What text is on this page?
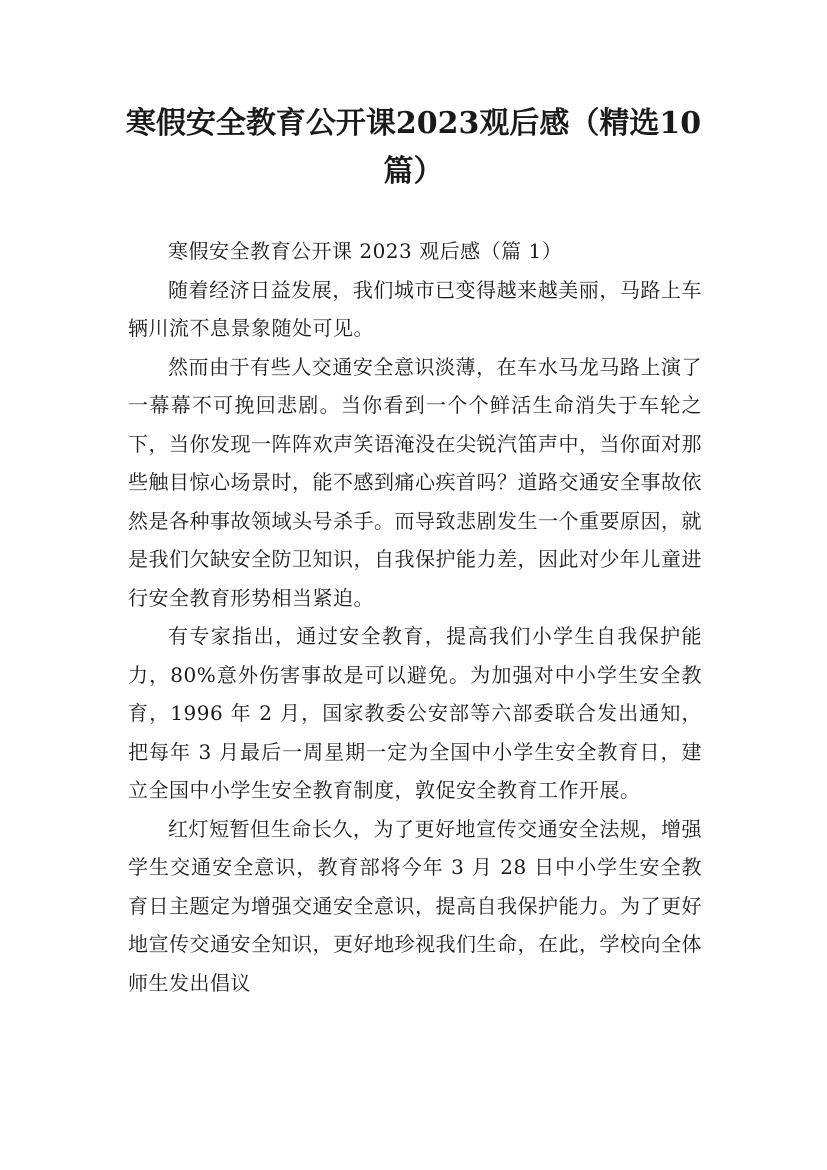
寒假安全教育公开课2023观后感（精选10篇）

寒假安全教育公开课 2023 观后感（篇 1）

随着经济日益发展，我们城市已变得越来越美丽，马路上车辆川流不息景象随处可见。

然而由于有些人交通安全意识淡薄，在车水马龙马路上演了一幕幕不可挽回悲剧。当你看到一个个鲜活生命消失于车轮之下，当你发现一阵阵欢声笑语淹没在尖锐汽笛声中，当你面对那些触目惊心场景时，能不感到痛心疾首吗？道路交通安全事故依然是各种事故领域头号杀手。而导致悲剧发生一个重要原因，就是我们欠缺安全防卫知识，自我保护能力差，因此对少年儿童进行安全教育形势相当紧迫。

有专家指出，通过安全教育，提高我们小学生自我保护能力，80%意外伤害事故是可以避免。为加强对中小学生安全教育，1996 年 2 月，国家教委公安部等六部委联合发出通知，把每年 3 月最后一周星期一定为全国中小学生安全教育日，建立全国中小学生安全教育制度，敦促安全教育工作开展。

红灯短暂但生命长久，为了更好地宣传交通安全法规，增强学生交通安全意识，教育部将今年 3 月 28 日中小学生安全教育日主题定为增强交通安全意识，提高自我保护能力。为了更好地宣传交通安全知识，更好地珍视我们生命，在此，学校向全体师生发出倡议
